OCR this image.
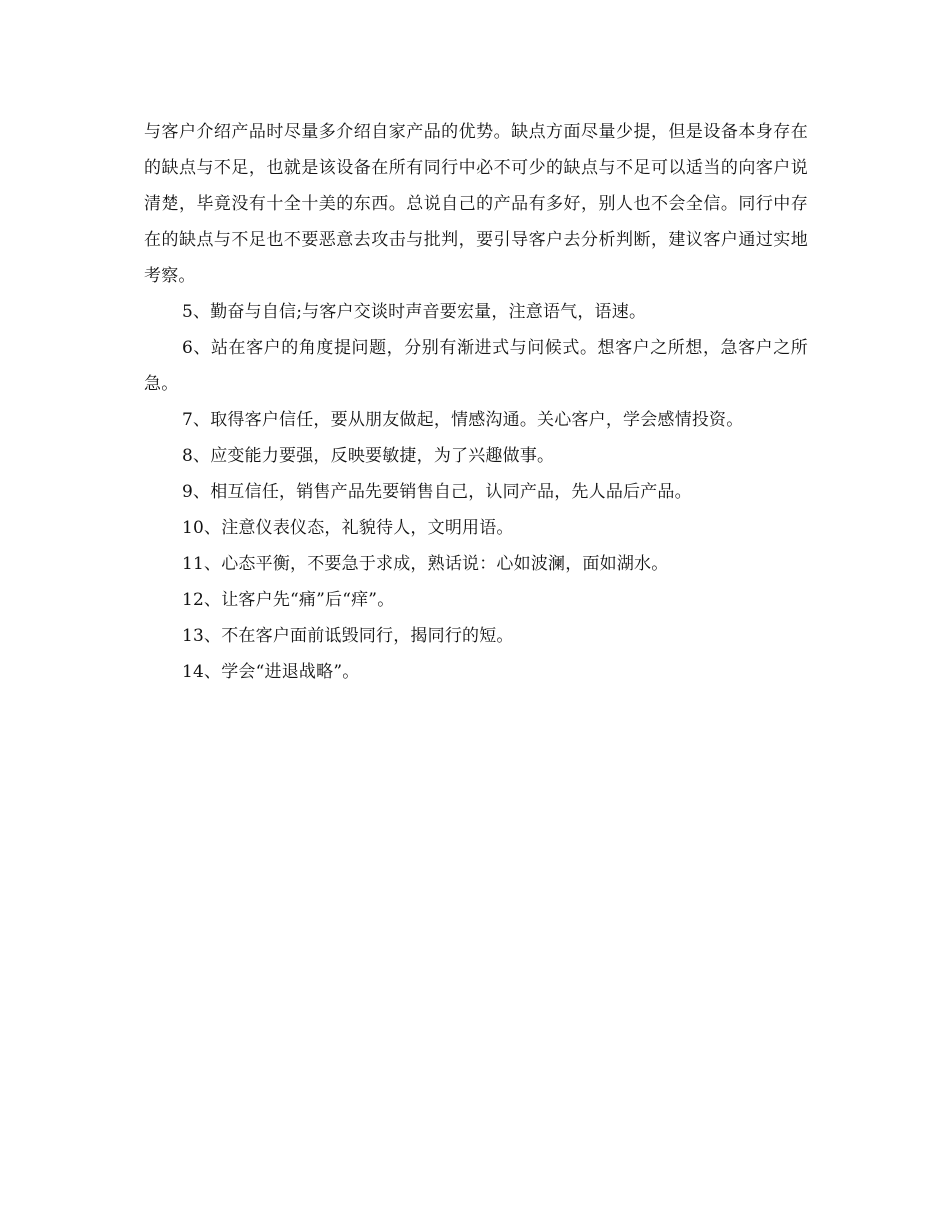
与客户介绍产品时尽量多介绍自家产品的优势。缺点方面尽量少提，但是设备本身存在的缺点与不足，也就是该设备在所有同行中必不可少的缺点与不足可以适当的向客户说清楚，毕竟没有十全十美的东西。总说自己的产品有多好，别人也不会全信。同行中存在的缺点与不足也不要恶意去攻击与批判，要引导客户去分析判断，建议客户通过实地考察。

5、勤奋与自信;与客户交谈时声音要宏量，注意语气，语速。

6、站在客户的角度提问题，分别有渐进式与问候式。想客户之所想，急客户之所急。

7、取得客户信任，要从朋友做起，情感沟通。关心客户，学会感情投资。

8、应变能力要强，反映要敏捷，为了兴趣做事。

9、相互信任，销售产品先要销售自己，认同产品，先人品后产品。

10、注意仪表仪态，礼貌待人，文明用语。

11、心态平衡，不要急于求成，熟话说：心如波澜，面如湖水。

12、让客户先“痛”后“痒”。

13、不在客户面前诋毁同行，揭同行的短。

14、学会“进退战略”。
